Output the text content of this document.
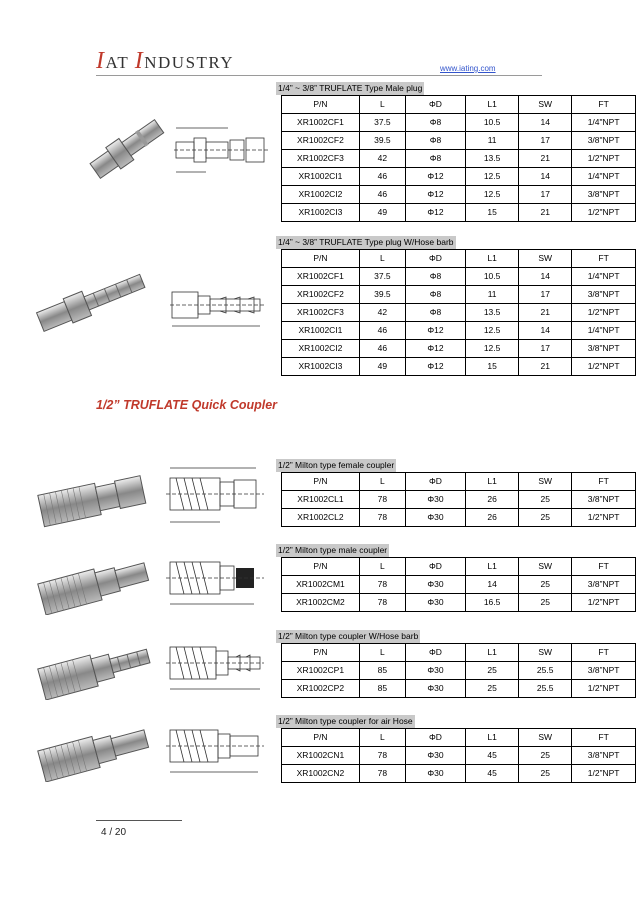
IAT INDUSTRY	www.iating.com
1/4” ~ 3/8” TRUFLATE Type Male plug
1/4” ~ 3/8” TRUFLATE Type plug W/Hose barb
1/2” TRUFLATE Quick Coupler
1/2” Milton type female coupler
1/2” Milton type male coupler
1/2” Milton type coupler W/Hose barb
1/2” Milton type coupler for air Hose
P/N	L	ΦD	L1	SW	FT
XR1002CF1	37.5	Φ8	10.5	14	1/4"NPT
XR1002CF2	39.5	Φ8	11	17	3/8"NPT
XR1002CF3	42	Φ8	13.5	21	1/2"NPT
XR1002CI1	46	Φ12	12.5	14	1/4"NPT
XR1002CI2	46	Φ12	12.5	17	3/8"NPT
XR1002CI3	49	Φ12	15	21	1/2"NPT
P/N	L	ΦD	L1	SW	FT
XR1002CF1	37.5	Φ8	10.5	14	1/4"NPT
XR1002CF2	39.5	Φ8	11	17	3/8"NPT
XR1002CF3	42	Φ8	13.5	21	1/2"NPT
XR1002CI1	46	Φ12	12.5	14	1/4"NPT
XR1002CI2	46	Φ12	12.5	17	3/8"NPT
XR1002CI3	49	Φ12	15	21	1/2"NPT
P/N	L	ΦD	L1	SW	FT
XR1002CL1	78	Φ30	26	25	3/8”NPT
XR1002CL2	78	Φ30	26	25	1/2”NPT
P/N	L	ΦD	L1	SW	FT
XR1002CM1	78	Φ30	14	25	3/8”NPT
XR1002CM2	78	Φ30	16.5	25	1/2”NPT
P/N	L	ΦD	L1	SW	FT
XR1002CP1	85	Φ30	25	25.5	3/8”NPT
XR1002CP2	85	Φ30	25	25.5	1/2”NPT
P/N	L	ΦD	L1	SW	FT
XR1002CN1	78	Φ30	45	25	3/8”NPT
XR1002CN2	78	Φ30	45	25	1/2”NPT
4 / 20
